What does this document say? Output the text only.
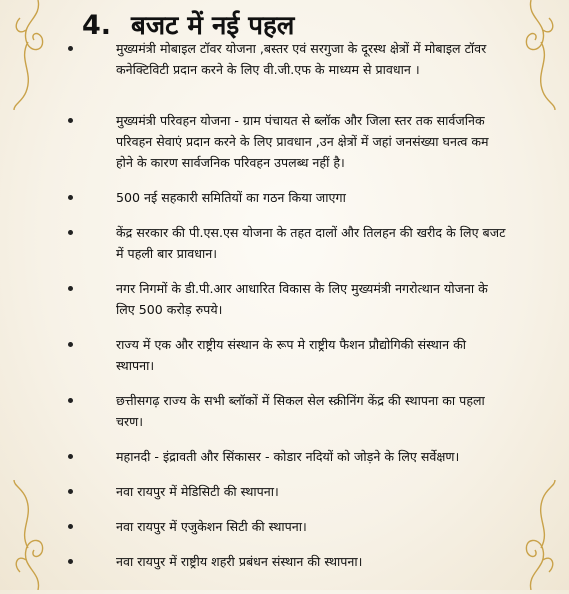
4. बजट में नई पहल
मुख्यमंत्री मोबाइल टॉवर योजना ,बस्तर एवं सरगुजा के दूरस्थ क्षेत्रों में मोबाइल टॉवर कनेक्टिविटी प्रदान करने के लिए वी.जी.एफ के माध्यम से प्रावधान ।
मुख्यमंत्री परिवहन योजना - ग्राम पंचायत से ब्लॉक और जिला स्तर तक सार्वजनिक परिवहन सेवाएं प्रदान करने के लिए प्रावधान ,उन क्षेत्रों में जहां जनसंख्या घनत्व कम होने के कारण सार्वजनिक परिवहन उपलब्ध नहीं है।
500 नई सहकारी समितियों का गठन किया जाएगा
केंद्र सरकार की पी.एस.एस योजना के तहत दालों और तिलहन की खरीद के लिए बजट में पहली बार प्रावधान।
नगर निगमों के डी.पी.आर आधारित विकास के लिए मुख्यमंत्री नगरोत्थान योजना के लिए 500 करोड़ रुपये।
राज्य में एक और राष्ट्रीय संस्थान के रूप मे राष्ट्रीय फैशन प्रौद्योगिकी संस्थान की स्थापना।
छत्तीसगढ़ राज्य के सभी ब्लॉकों में सिकल सेल स्क्रीनिंग केंद्र की स्थापना का पहला चरण।
महानदी - इंद्रावती और सिंकासर - कोडार नदियों को जोड़ने के लिए सर्वेक्षण।
नवा रायपुर में मेडिसिटी की स्थापना।
नवा रायपुर में एजुकेशन सिटी की स्थापना।
नवा रायपुर में राष्ट्रीय शहरी प्रबंधन संस्थान की स्थापना।
